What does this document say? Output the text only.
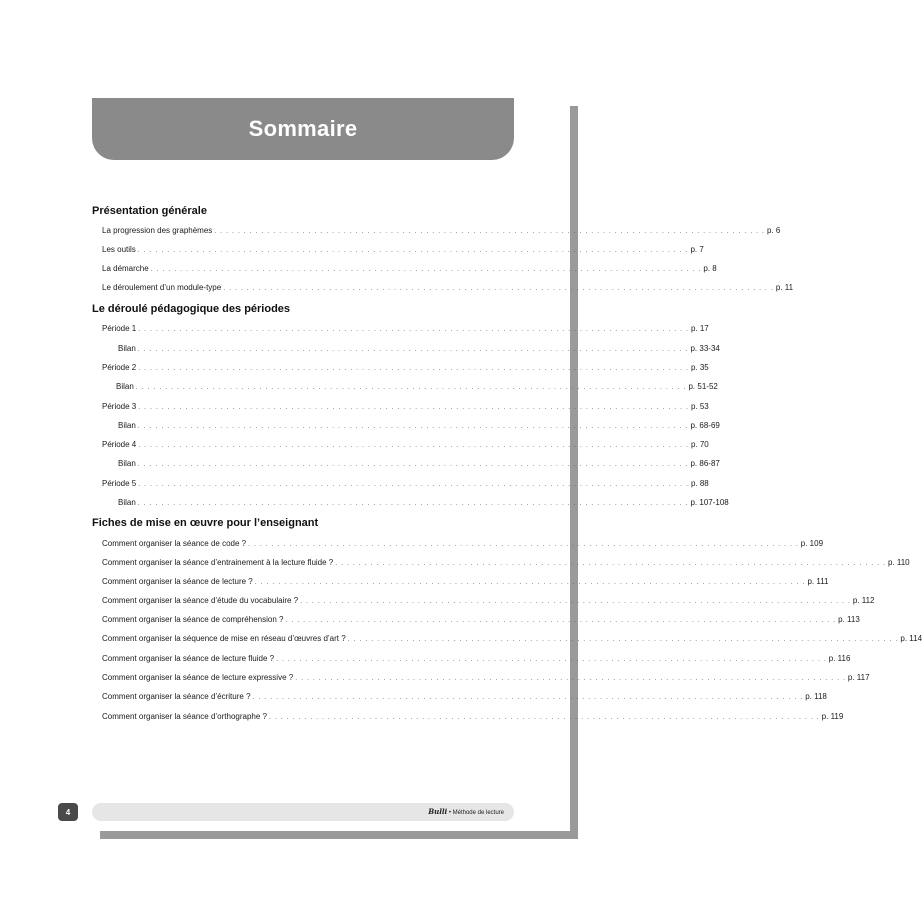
Sommaire
Présentation générale
La progression des graphèmes . . . . . . . . . . . . . . . . . . . . . . . . . . . . . . . . . . . . . . . . . . . . . . . . . . . . . . . . . . . . . . . . . . . . . . . . . . . . . . . . . . . . . . . . . . . . . . p. 6
Les outils . . . . . . . . . . . . . . . . . . . . . . . . . . . . . . . . . . . . . . . . . . . . . . . . . . . . . . . . . . . . . . . . . . . . . . . . . . . . . . . . . . . . . . . . . . . . . . p. 7
La démarche . . . . . . . . . . . . . . . . . . . . . . . . . . . . . . . . . . . . . . . . . . . . . . . . . . . . . . . . . . . . . . . . . . . . . . . . . . . . . . . . . . . . . . . . . . . . . . p. 8
Le déroulement d’un module-type . . . . . . . . . . . . . . . . . . . . . . . . . . . . . . . . . . . . . . . . . . . . . . . . . . . . . . . . . . . . . . . . . . . . . . . . . . . . . . . . . . . . . . . . . . . . . . p. 11
Le déroulé pédagogique des périodes
Période 1 . . . . . . . . . . . . . . . . . . . . . . . . . . . . . . . . . . . . . . . . . . . . . . . . . . . . . . . . . . . . . . . . . . . . . . . . . . . . . . . . . . . . . . . . . . . . . . p. 17
Bilan . . . . . . . . . . . . . . . . . . . . . . . . . . . . . . . . . . . . . . . . . . . . . . . . . . . . . . . . . . . . . . . . . . . . . . . . . . . . . . . . . . . . . . . . . . . . . . p. 33-34
Période 2 . . . . . . . . . . . . . . . . . . . . . . . . . . . . . . . . . . . . . . . . . . . . . . . . . . . . . . . . . . . . . . . . . . . . . . . . . . . . . . . . . . . . . . . . . . . . . . p. 35
Bilan . . . . . . . . . . . . . . . . . . . . . . . . . . . . . . . . . . . . . . . . . . . . . . . . . . . . . . . . . . . . . . . . . . . . . . . . . . . . . . . . . . . . . . . . . . . . . . p. 51-52
Période 3 . . . . . . . . . . . . . . . . . . . . . . . . . . . . . . . . . . . . . . . . . . . . . . . . . . . . . . . . . . . . . . . . . . . . . . . . . . . . . . . . . . . . . . . . . . . . . . p. 53
Bilan . . . . . . . . . . . . . . . . . . . . . . . . . . . . . . . . . . . . . . . . . . . . . . . . . . . . . . . . . . . . . . . . . . . . . . . . . . . . . . . . . . . . . . . . . . . . . . p. 68-69
Période 4 . . . . . . . . . . . . . . . . . . . . . . . . . . . . . . . . . . . . . . . . . . . . . . . . . . . . . . . . . . . . . . . . . . . . . . . . . . . . . . . . . . . . . . . . . . . . . . p. 70
Bilan . . . . . . . . . . . . . . . . . . . . . . . . . . . . . . . . . . . . . . . . . . . . . . . . . . . . . . . . . . . . . . . . . . . . . . . . . . . . . . . . . . . . . . . . . . . . . . p. 86-87
Période 5 . . . . . . . . . . . . . . . . . . . . . . . . . . . . . . . . . . . . . . . . . . . . . . . . . . . . . . . . . . . . . . . . . . . . . . . . . . . . . . . . . . . . . . . . . . . . . . p. 88
Bilan . . . . . . . . . . . . . . . . . . . . . . . . . . . . . . . . . . . . . . . . . . . . . . . . . . . . . . . . . . . . . . . . . . . . . . . . . . . . . . . . . . . . . . . . . . . . . . p. 107-108
Fiches de mise en œuvre pour l’enseignant
Comment organiser la séance de code ? . . . . . . . . . . . . . . . . . . . . . . . . . . . . . . . . . . . . . . . . . . . . . . . . . . . . . . . . . . . . . . . . . . . . . . . . . . . . . . . . . . . . . . . . . . . . . . p. 109
Comment organiser la séance d’entrainement à la lecture fluide ? . . . . . . . . . . . . . . . . . . . . . . . . . . . . . . . . . . . . . . . . . . . . . . . . . . . . . . . . . . . . . . . . . . . . . . . . . . . . . . . . . . . . . . . . . . . . . . p. 110
Comment organiser la séance de lecture ? . . . . . . . . . . . . . . . . . . . . . . . . . . . . . . . . . . . . . . . . . . . . . . . . . . . . . . . . . . . . . . . . . . . . . . . . . . . . . . . . . . . . . . . . . . . . . . p. 111
Comment organiser la séance d’étude du vocabulaire ? . . . . . . . . . . . . . . . . . . . . . . . . . . . . . . . . . . . . . . . . . . . . . . . . . . . . . . . . . . . . . . . . . . . . . . . . . . . . . . . . . . . . . . . . . . . . . . p. 112
Comment organiser la séance de compréhension ? . . . . . . . . . . . . . . . . . . . . . . . . . . . . . . . . . . . . . . . . . . . . . . . . . . . . . . . . . . . . . . . . . . . . . . . . . . . . . . . . . . . . . . . . . . . . . . p. 113
Comment organiser la séquence de mise en réseau d’œuvres d’art ? . . . . . . . . . . . . . . . . . . . . . . . . . . . . . . . . . . . . . . . . . . . . . . . . . . . . . . . . . . . . . . . . . . . . . . . . . . . . . . . . . . . . . . . . . . . . . . p. 114
Comment organiser la séance de lecture fluide ? . . . . . . . . . . . . . . . . . . . . . . . . . . . . . . . . . . . . . . . . . . . . . . . . . . . . . . . . . . . . . . . . . . . . . . . . . . . . . . . . . . . . . . . . . . . . . . p. 116
Comment organiser la séance de lecture expressive ? . . . . . . . . . . . . . . . . . . . . . . . . . . . . . . . . . . . . . . . . . . . . . . . . . . . . . . . . . . . . . . . . . . . . . . . . . . . . . . . . . . . . . . . . . . . . . . p. 117
Comment organiser la séance d’écriture ? . . . . . . . . . . . . . . . . . . . . . . . . . . . . . . . . . . . . . . . . . . . . . . . . . . . . . . . . . . . . . . . . . . . . . . . . . . . . . . . . . . . . . . . . . . . . . . p. 118
Comment organiser la séance d’orthographe ? . . . . . . . . . . . . . . . . . . . . . . . . . . . . . . . . . . . . . . . . . . . . . . . . . . . . . . . . . . . . . . . . . . . . . . . . . . . . . . . . . . . . . . . . . . . . . . p. 119
4	Bulli • Méthode de lecture
